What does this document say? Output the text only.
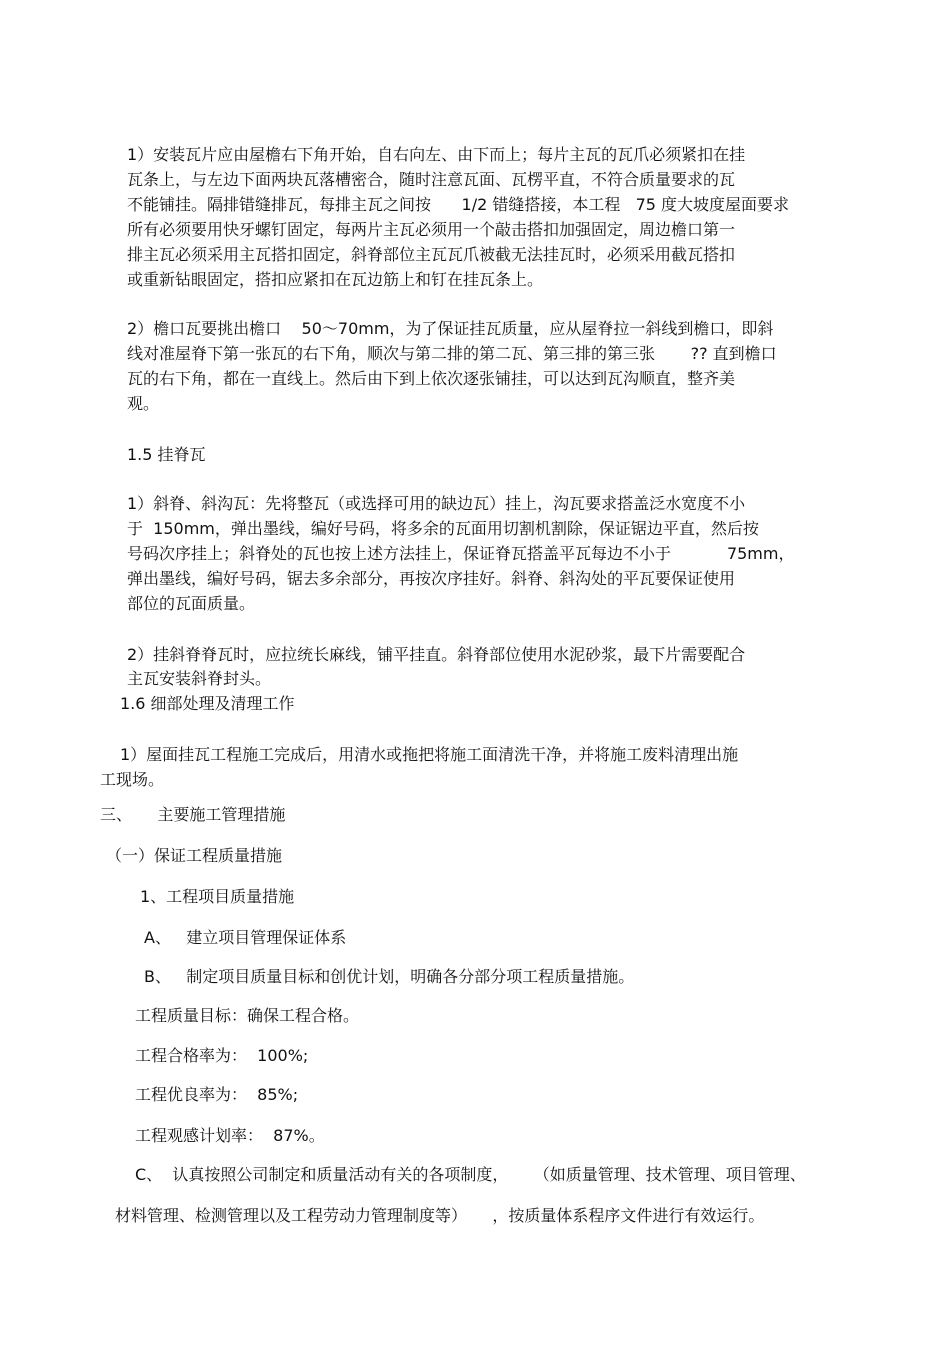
1）安装瓦片应由屋檐右下角开始，自右向左、由下而上；每片主瓦的瓦爪必须紧扣在挂
瓦条上，与左边下面两块瓦落槽密合，随时注意瓦面、瓦楞平直，不符合质量要求的瓦
不能铺挂。隔排错缝排瓦，每排主瓦之间按      1/2 错缝搭接，本工程   75 度大坡度屋面要求
所有必须要用快牙螺钉固定，每两片主瓦必须用一个敲击搭扣加强固定，周边檐口第一
排主瓦必须采用主瓦搭扣固定，斜脊部位主瓦瓦爪被截无法挂瓦时，必须采用截瓦搭扣
或重新钻眼固定，搭扣应紧扣在瓦边筋上和钉在挂瓦条上。
2）檐口瓦要挑出檐口    50～70mm，为了保证挂瓦质量，应从屋脊拉一斜线到檐口，即斜
线对准屋脊下第一张瓦的右下角，顺次与第二排的第二瓦、第三排的第三张       ?? 直到檐口
瓦的右下角，都在一直线上。然后由下到上依次逐张铺挂，可以达到瓦沟顺直，整齐美
观。
1.5 挂脊瓦
1）斜脊、斜沟瓦：先将整瓦（或选择可用的缺边瓦）挂上，沟瓦要求搭盖泛水宽度不小
于  150mm，弹出墨线，编好号码，将多余的瓦面用切割机割除，保证锯边平直，然后按
号码次序挂上；斜脊处的瓦也按上述方法挂上，保证脊瓦搭盖平瓦每边不小于           75mm，
弹出墨线，编好号码，锯去多余部分，再按次序挂好。斜脊、斜沟处的平瓦要保证使用
部位的瓦面质量。
2）挂斜脊脊瓦时，应拉统长麻线，铺平挂直。斜脊部位使用水泥砂浆，最下片需要配合
主瓦安装斜脊封头。
1.6 细部处理及清理工作
1）屋面挂瓦工程施工完成后，用清水或拖把将施工面清洗干净，并将施工废料清理出施
工现场。
三、     主要施工管理措施
（一）保证工程质量措施
1、工程项目质量措施
A、   建立项目管理保证体系
B、   制定项目质量目标和创优计划，明确各分部分项工程质量措施。
工程质量目标：确保工程合格。
工程合格率为：  100%;
工程优良率为：  85%;
工程观感计划率：  87%。
C、  认真按照公司制定和质量活动有关的各项制度，     （如质量管理、技术管理、项目管理、
材料管理、检测管理以及工程劳动力管理制度等）     ，按质量体系程序文件进行有效运行。
